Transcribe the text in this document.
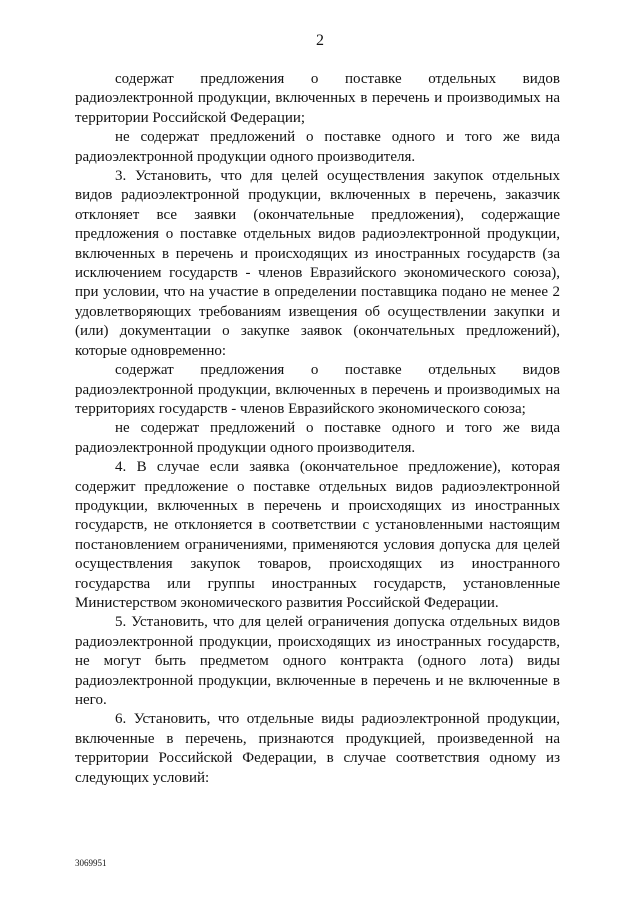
2

содержат предложения о поставке отдельных видов радиоэлектронной продукции, включенных в перечень и производимых на территории Российской Федерации;

не содержат предложений о поставке одного и того же вида радиоэлектронной продукции одного производителя.

3. Установить, что для целей осуществления закупок отдельных видов радиоэлектронной продукции, включенных в перечень, заказчик отклоняет все заявки (окончательные предложения), содержащие предложения о поставке отдельных видов радиоэлектронной продукции, включенных в перечень и происходящих из иностранных государств (за исключением государств - членов Евразийского экономического союза), при условии, что на участие в определении поставщика подано не менее 2 удовлетворяющих требованиям извещения об осуществлении закупки и (или) документации о закупке заявок (окончательных предложений), которые одновременно:

содержат предложения о поставке отдельных видов радиоэлектронной продукции, включенных в перечень и производимых на территориях государств - членов Евразийского экономического союза;

не содержат предложений о поставке одного и того же вида радиоэлектронной продукции одного производителя.

4. В случае если заявка (окончательное предложение), которая содержит предложение о поставке отдельных видов радиоэлектронной продукции, включенных в перечень и происходящих из иностранных государств, не отклоняется в соответствии с установленными настоящим постановлением ограничениями, применяются условия допуска для целей осуществления закупок товаров, происходящих из иностранного государства или группы иностранных государств, установленные Министерством экономического развития Российской Федерации.

5. Установить, что для целей ограничения допуска отдельных видов радиоэлектронной продукции, происходящих из иностранных государств, не могут быть предметом одного контракта (одного лота) виды радиоэлектронной продукции, включенные в перечень и не включенные в него.

6. Установить, что отдельные виды радиоэлектронной продукции, включенные в перечень, признаются продукцией, произведенной на территории Российской Федерации, в случае соответствия одному из следующих условий:

3069951
